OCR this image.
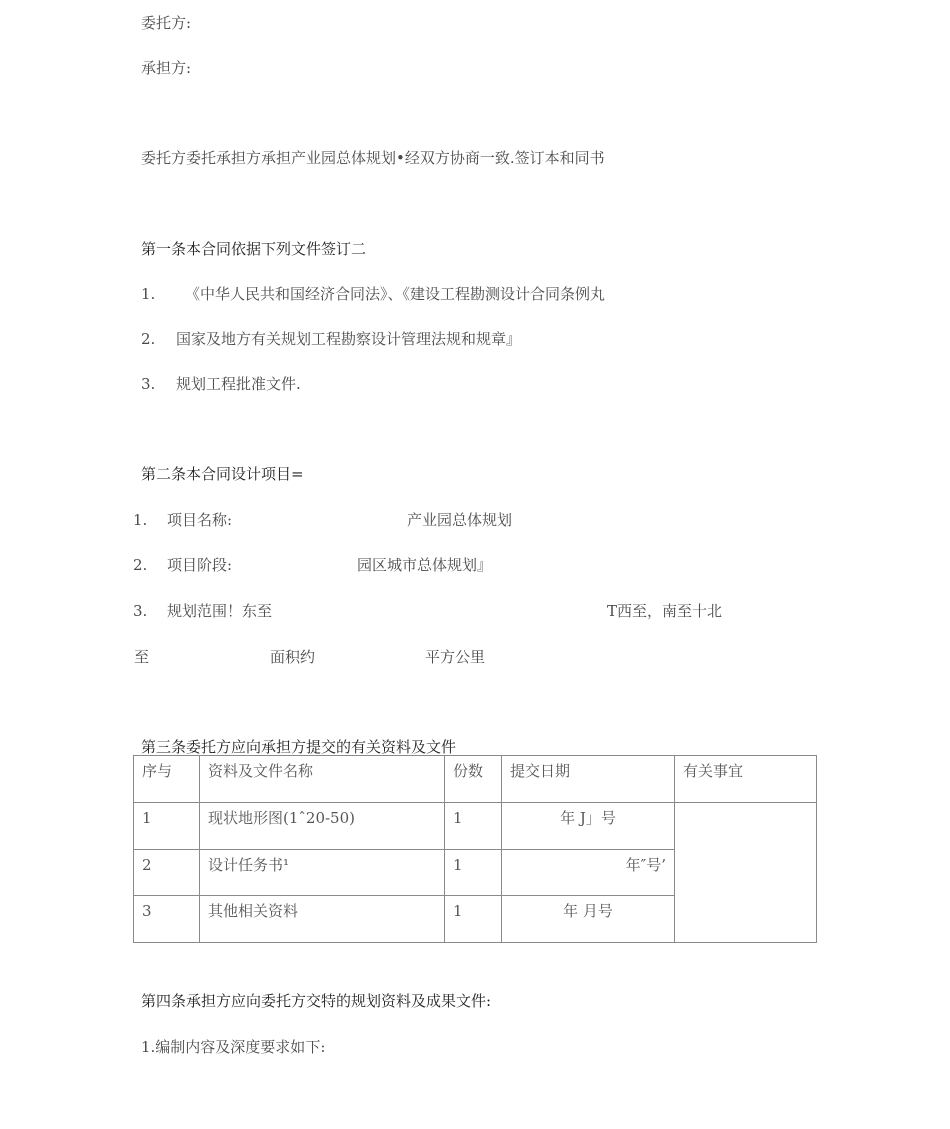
委托方:
承担方:
委托方委托承担方承担产业园总体规划•经双方协商一致.签订本和同书
第一条本合同依据下列文件签订二
1. 《中华人民共和国经济合同法》、《建设工程勘测设计合同条例丸
2. 国家及地方有关规划工程勘察设计管理法规和规章』
3. 规划工程批准文件.
第二条本合同设计项目=
1. 项目名称:	产业园总体规划
2. 项目阶段:	园区城市总体规划』
3. 规划范围！东至	T西至，南至十北
至	面积约	平方公里
第三条委托方应向承担方提交的有关资料及文件
序与	资料及文件名称	份数	提交日期	有关事宜
1	现状地形图(1ˆ20-50)	1	年 J」号	
2	设计任务书¹	1	年″号’	
3	其他相关资料	1	年 月号	
第四条承担方应向委托方交特的规划资料及成果文件:
1.编制内容及深度要求如下:
